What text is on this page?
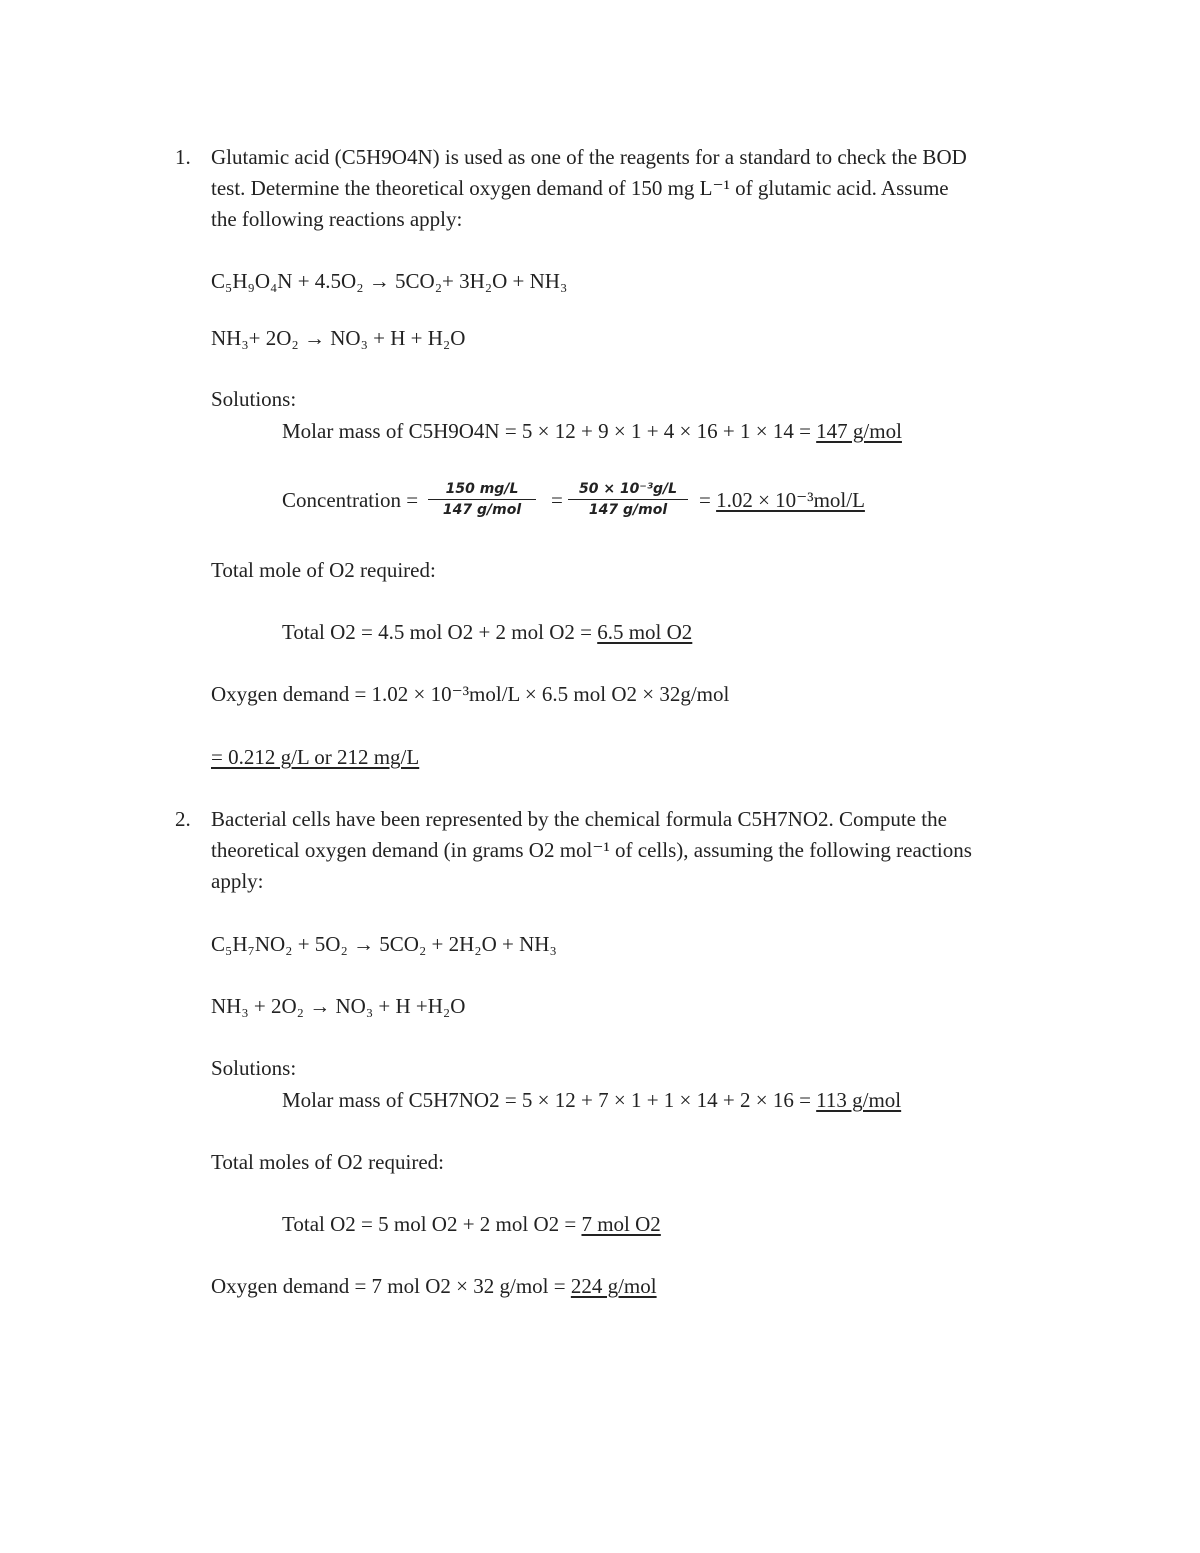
1. Glutamic acid (C5H9O4N) is used as one of the reagents for a standard to check the BOD
test. Determine the theoretical oxygen demand of 150 mg L⁻¹ of glutamic acid. Assume
the following reactions apply:
C₅H₉O₄N + 4.5O₂ → 5CO₂+ 3H₂O + NH₃
NH₃+ 2O₂ → NO₃ + H + H₂O
Solutions:
Molar mass of C5H9O4N = 5 × 12 + 9 × 1 + 4 × 16 + 1 × 14 = 147 g/mol
Concentration =	150 mg/L
147 g/mol	=	50 × 10⁻³g/L
147 g/mol	= 1.02 × 10⁻³mol/L
Total mole of O2 required:
Total O2 = 4.5 mol O2 + 2 mol O2 = 6.5 mol O2
Oxygen demand = 1.02 × 10⁻³mol/L × 6.5 mol O2 × 32g/mol
= 0.212 g/L or 212 mg/L
2. Bacterial cells have been represented by the chemical formula C5H7NO2. Compute the
theoretical oxygen demand (in grams O2 mol⁻¹ of cells), assuming the following reactions
apply:
C₅H₇NO₂ + 5O₂ → 5CO₂ + 2H₂O + NH₃
NH₃ + 2O₂ → NO₃ + H +H₂O
Solutions:
Molar mass of C5H7NO2 = 5 × 12 + 7 × 1 + 1 × 14 + 2 × 16 = 113 g/mol
Total moles of O2 required:
Total O2 = 5 mol O2 + 2 mol O2 = 7 mol O2
Oxygen demand = 7 mol O2 × 32 g/mol = 224 g/mol
